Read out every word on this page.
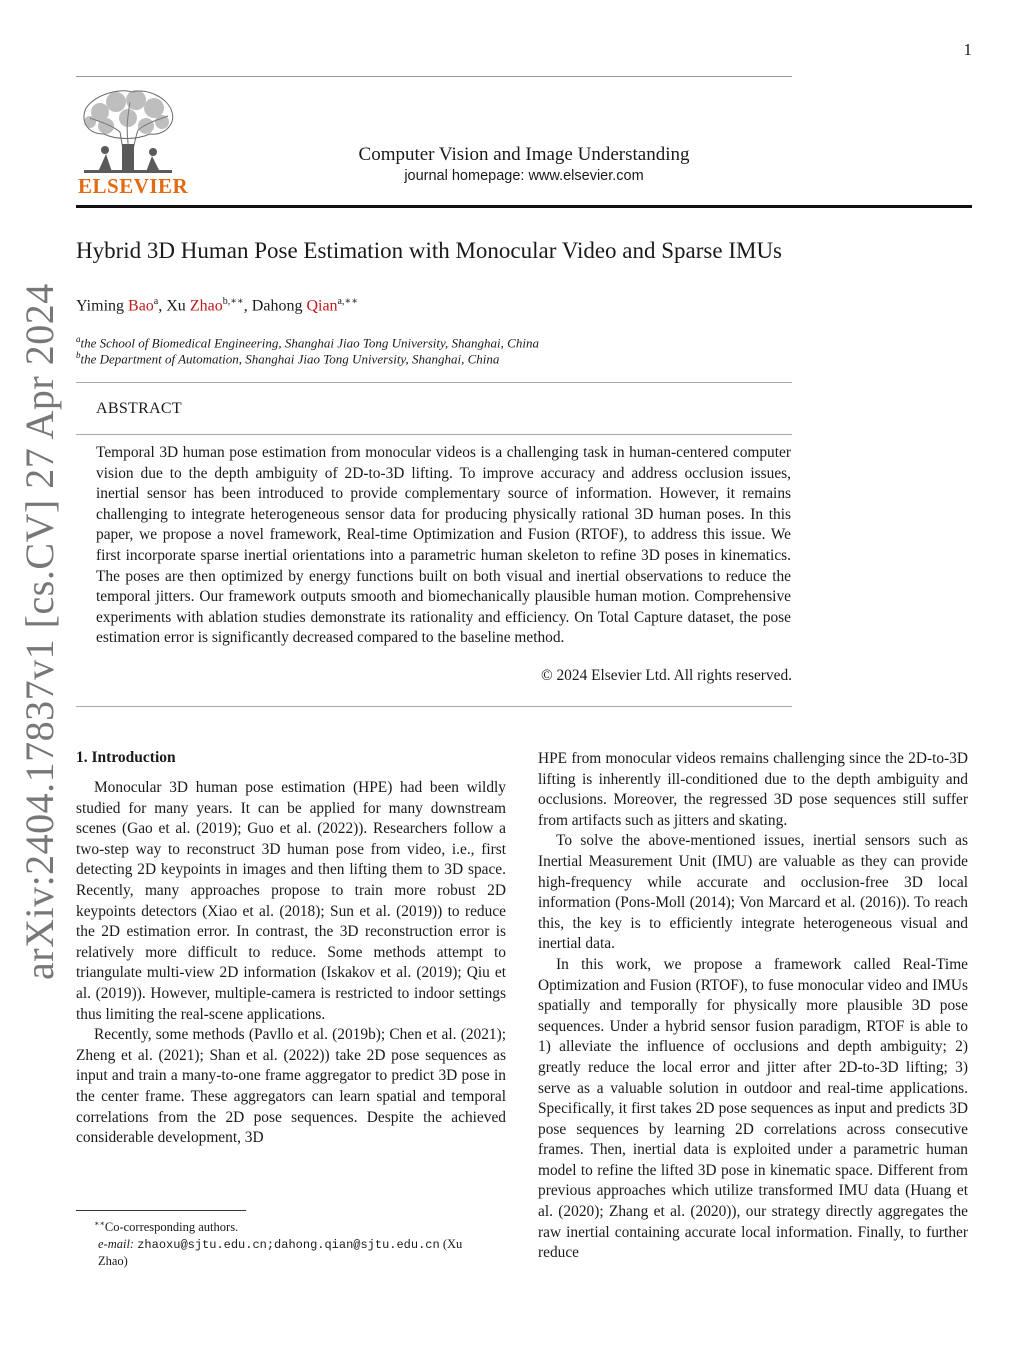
1
ELSEVIER
Computer Vision and Image Understanding
journal homepage: www.elsevier.com
arXiv:2404.17837v1 [cs.CV] 27 Apr 2024
Hybrid 3D Human Pose Estimation with Monocular Video and Sparse IMUs
Yiming Bao$^a$, Xu Zhao$^{b,∗∗}$, Dahong Qian$^{a,∗∗}$
$^a$the School of Biomedical Engineering, Shanghai Jiao Tong University, Shanghai, China
$^b$the Department of Automation, Shanghai Jiao Tong University, Shanghai, China
ABSTRACT
Temporal 3D human pose estimation from monocular videos is a challenging task in human-centered computer vision due to the depth ambiguity of 2D-to-3D lifting. To improve accuracy and address occlusion issues, inertial sensor has been introduced to provide complementary source of information. However, it remains challenging to integrate heterogeneous sensor data for producing physically rational 3D human poses. In this paper, we propose a novel framework, Real-time Optimization and Fusion (RTOF), to address this issue. We first incorporate sparse inertial orientations into a parametric human skeleton to refine 3D poses in kinematics. The poses are then optimized by energy functions built on both visual and inertial observations to reduce the temporal jitters. Our framework outputs smooth and biomechanically plausible human motion. Comprehensive experiments with ablation studies demonstrate its rationality and efficiency. On Total Capture dataset, the pose estimation error is significantly decreased compared to the baseline method.
© 2024 Elsevier Ltd. All rights reserved.
1. Introduction

Monocular 3D human pose estimation (HPE) had been wildly studied for many years. It can be applied for many downstream scenes (Gao et al. (2019); Guo et al. (2022)). Researchers follow a two-step way to reconstruct 3D human pose from video, i.e., first detecting 2D keypoints in images and then lifting them to 3D space. Recently, many approaches propose to train more robust 2D keypoints detectors (Xiao et al. (2018); Sun et al. (2019)) to reduce the 2D estimation error. In contrast, the 3D reconstruction error is relatively more difficult to reduce. Some methods attempt to triangulate multi-view 2D information (Iskakov et al. (2019); Qiu et al. (2019)). However, multiple-camera is restricted to indoor settings thus limiting the real-scene applications.

Recently, some methods (Pavllo et al. (2019b); Chen et al. (2021); Zheng et al. (2021); Shan et al. (2022)) take 2D pose sequences as input and train a many-to-one frame aggregator to predict 3D pose in the center frame. These aggregators can learn spatial and temporal correlations from the 2D pose sequences. Despite the achieved considerable development, 3D

HPE from monocular videos remains challenging since the 2D-to-3D lifting is inherently ill-conditioned due to the depth ambiguity and occlusions. Moreover, the regressed 3D pose sequences still suffer from artifacts such as jitters and skating.

To solve the above-mentioned issues, inertial sensors such as Inertial Measurement Unit (IMU) are valuable as they can provide high-frequency while accurate and occlusion-free 3D local information (Pons-Moll (2014); Von Marcard et al. (2016)). To reach this, the key is to efficiently integrate heterogeneous visual and inertial data.

In this work, we propose a framework called Real-Time Optimization and Fusion (RTOF), to fuse monocular video and IMUs spatially and temporally for physically more plausible 3D pose sequences. Under a hybrid sensor fusion paradigm, RTOF is able to 1) alleviate the influence of occlusions and depth ambiguity; 2) greatly reduce the local error and jitter after 2D-to-3D lifting; 3) serve as a valuable solution in outdoor and real-time applications. Specifically, it first takes 2D pose sequences as input and predicts 3D pose sequences by learning 2D correlations across consecutive frames. Then, inertial data is exploited under a parametric human model to refine the lifted 3D pose in kinematic space. Different from previous approaches which utilize transformed IMU data (Huang et al. (2020); Zhang et al. (2020)), our strategy directly aggregates the raw inertial containing accurate local information. Finally, to further reduce

∗∗Co-corresponding authors.
e-mail: zhaoxu@sjtu.edu.cn;dahong.qian@sjtu.edu.cn (Xu Zhao)
